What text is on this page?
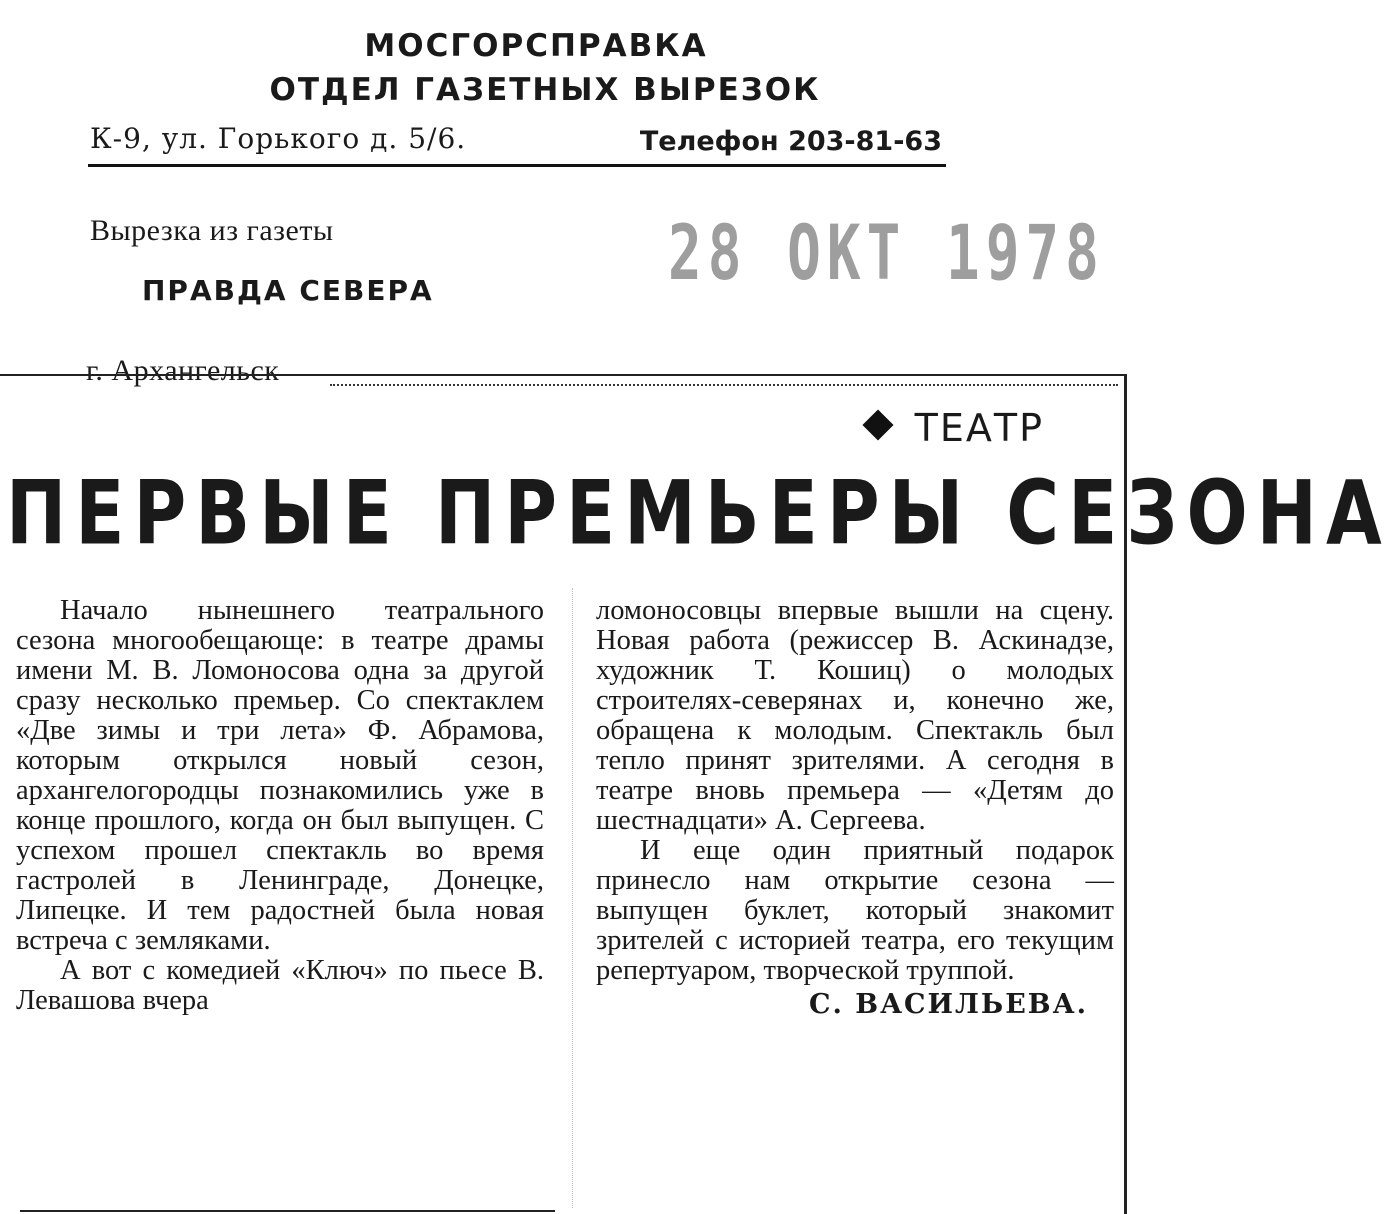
МОСГОРСПРАВКА
ОТДЕЛ ГАЗЕТНЫХ ВЫРЕЗОК
К-9, ул. Горького д. 5/6.	Телефон 203-81-63
Вырезка из газеты
ПРАВДА СЕВЕРА
г. Архангельск
28 ОКТ 1978
ТЕАТР
ПЕРВЫЕ ПРЕМЬЕРЫ СЕЗОНА

Начало нынешнего театрального сезона многообещающе: в театре драмы имени М. В. Ломоносова одна за другой сразу несколько премьер. Со спектаклем «Две зимы и три лета» Ф. Абрамова, которым открылся новый сезон, архангелогородцы познакомились уже в конце прошлого, когда он был выпущен. С успехом прошел спектакль во время гастролей в Ленинграде, Донецке, Липецке. И тем радостней была новая встреча с земляками.

А вот с комедией «Ключ» по пьесе В. Левашова вчера

ломоносовцы впервые вышли на сцену. Новая работа (режиссер В. Аскинадзе, художник Т. Кошиц) о молодых строителях-северянах и, конечно же, обращена к молодым. Спектакль был тепло принят зрителями. А сегодня в театре вновь премьера — «Детям до шестнадцати» А. Сергеева.

И еще один приятный подарок принесло нам открытие сезона — выпущен буклет, который знакомит зрителей с историей театра, его текущим репертуаром, творческой труппой.

С. ВАСИЛЬЕВА.
